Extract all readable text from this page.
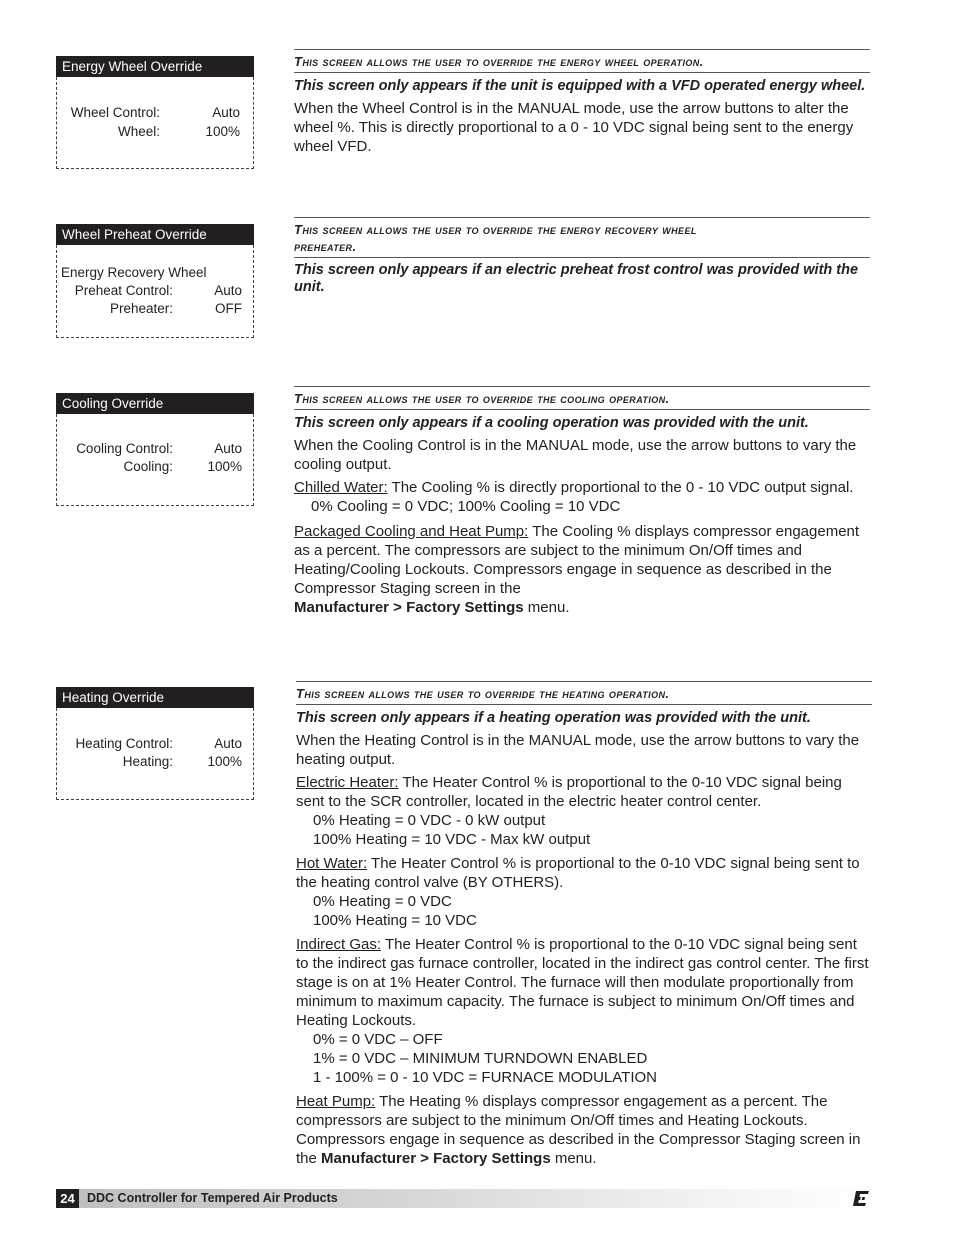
Energy Wheel Override
Wheel Control:	Auto
Wheel:	100%
Wheel Preheat Override
Energy Recovery Wheel
Preheat Control:	Auto
Preheater:	OFF
Cooling Override
Cooling Control:	Auto
Cooling:	100%
Heating Override
Heating Control:	Auto
Heating:	100%
This screen allows the user to override the energy wheel operation.
This screen only appears if the unit is equipped with a VFD operated energy wheel.
When the Wheel Control is in the MANUAL mode, use the arrow buttons to alter the wheel %. This is directly proportional to a 0 - 10 VDC signal being sent to the energy wheel VFD.
This screen allows the user to override the energy recovery wheel
preheater.
This screen only appears if an electric preheat frost control was provided with the unit.
This screen allows the user to override the cooling operation.
This screen only appears if a cooling operation was provided with the unit.
When the Cooling Control is in the MANUAL mode, use the arrow buttons to vary the cooling output.
Chilled Water: The Cooling % is directly proportional to the 0 - 10 VDC output signal.
0% Cooling = 0 VDC; 100% Cooling = 10 VDC
Packaged Cooling and Heat Pump: The Cooling % displays compressor engagement as a percent. The compressors are subject to the minimum On/Off times and Heating/Cooling Lockouts. Compressors engage in sequence as described in the Compressor Staging screen in the
Manufacturer > Factory Settings menu.
This screen allows the user to override the heating operation.
This screen only appears if a heating operation was provided with the unit.
When the Heating Control is in the MANUAL mode, use the arrow buttons to vary the heating output.
Electric Heater: The Heater Control % is proportional to the 0-10 VDC signal being sent to the SCR controller, located in the electric heater control center.
0% Heating = 0 VDC - 0 kW output
100% Heating = 10 VDC - Max kW output
Hot Water: The Heater Control % is proportional to the 0-10 VDC signal being sent to the heating control valve (BY OTHERS).
0% Heating = 0 VDC
100% Heating = 10 VDC
Indirect Gas: The Heater Control % is proportional to the 0-10 VDC signal being sent to the indirect gas furnace controller, located in the indirect gas control center. The first stage is on at 1% Heater Control. The furnace will then modulate proportionally from minimum to maximum capacity. The furnace is subject to minimum On/Off times and Heating Lockouts.
0% = 0 VDC – OFF
1% = 0 VDC – MINIMUM TURNDOWN ENABLED
1 - 100% = 0 - 10 VDC = FURNACE MODULATION
Heat Pump: The Heating % displays compressor engagement as a percent. The compressors are subject to the minimum On/Off times and Heating Lockouts. Compressors engage in sequence as described in the Compressor Staging screen in the Manufacturer > Factory Settings menu.
24 DDC Controller for Tempered Air Products
